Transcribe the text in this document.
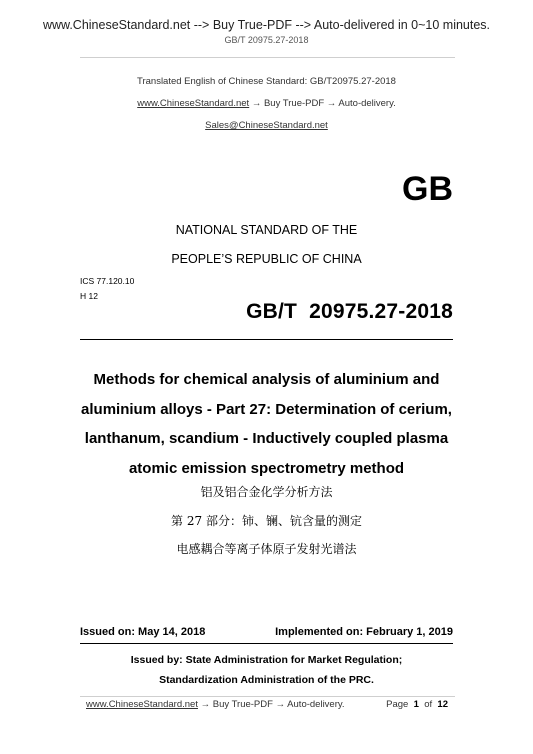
www.ChineseStandard.net --> Buy True-PDF --> Auto-delivered in 0~10 minutes.
GB/T 20975.27-2018
Translated English of Chinese Standard: GB/T20975.27-2018
www.ChineseStandard.net → Buy True-PDF → Auto-delivery.
Sales@ChineseStandard.net
GB
NATIONAL STANDARD OF THE
PEOPLE’S REPUBLIC OF CHINA
ICS 77.120.10
H 12
GB/T  20975.27-2018
Methods for chemical analysis of aluminium and aluminium alloys - Part 27: Determination of cerium, lanthanum, scandium - Inductively coupled plasma atomic emission spectrometry method
铝及铝合金化学分析方法
第 27 部分：铈、镧、钪含量的测定
电感耦合等离子体原子发射光谱法
Issued on: May 14, 2018	Implemented on: February 1, 2019
Issued by: State Administration for Market Regulation;
Standardization Administration of the PRC.
www.ChineseStandard.net → Buy True-PDF → Auto-delivery.	Page 1 of 12
